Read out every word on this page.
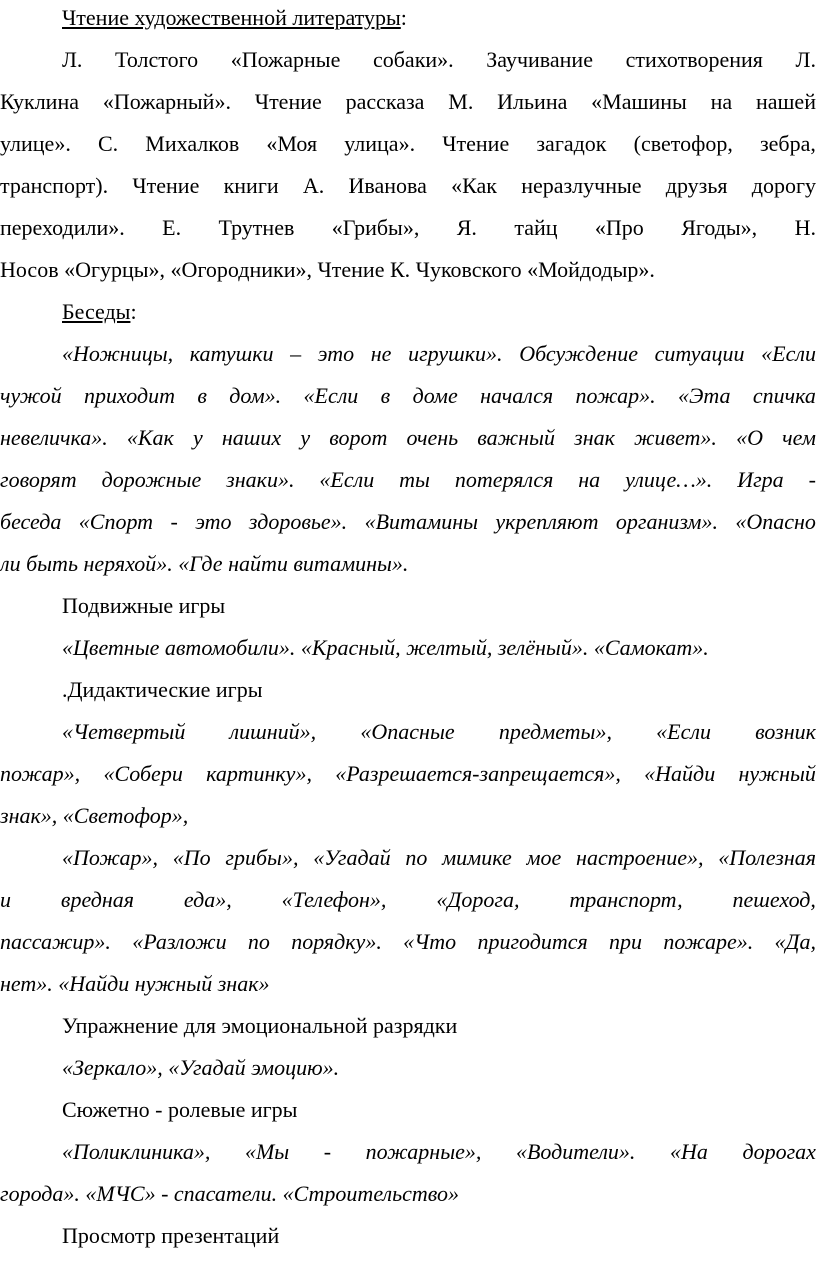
Чтение художественной литературы:
Л. Толстого «Пожарные собаки». Заучивание стихотворения Л.
Куклина «Пожарный». Чтение рассказа М. Ильина «Машины на нашей
улице». С. Михалков «Моя улица». Чтение загадок (светофор, зебра,
транспорт). Чтение книги А. Иванова «Как неразлучные друзья дорогу
переходили». Е. Трутнев «Грибы», Я. тайц «Про Ягоды», Н.
Носов «Огурцы», «Огородники», Чтение К. Чуковского «Мойдодыр».
Беседы:
«Ножницы, катушки – это не игрушки». Обсуждение ситуации «Если
чужой приходит в дом». «Если в доме начался пожар». «Эта спичка
невеличка». «Как у наших у ворот очень важный знак живет». «О чем
говорят дорожные знаки». «Если ты потерялся на улице…». Игра -
беседа «Спорт - это здоровье». «Витамины укрепляют организм». «Опасно
ли быть неряхой». «Где найти витамины».
Подвижные игры
«Цветные автомобили». «Красный, желтый, зелёный». «Самокат».
.Дидактические игры
«Четвертый лишний», «Опасные предметы», «Если возник
пожар», «Собери картинку», «Разрешается-запрещается», «Найди нужный
знак», «Светофор»,
«Пожар», «По грибы», «Угадай по мимике мое настроение», «Полезная
и вредная еда», «Телефон», «Дорога, транспорт, пешеход,
пассажир». «Разложи по порядку». «Что пригодится при пожаре». «Да,
нет». «Найди нужный знак»
Упражнение для эмоциональной разрядки
«Зеркало», «Угадай эмоцию».
Сюжетно - ролевые игры
«Поликлиника», «Мы - пожарные», «Водители». «На дорогах
города». «МЧС» - спасатели. «Строительство»
Просмотр презентаций
